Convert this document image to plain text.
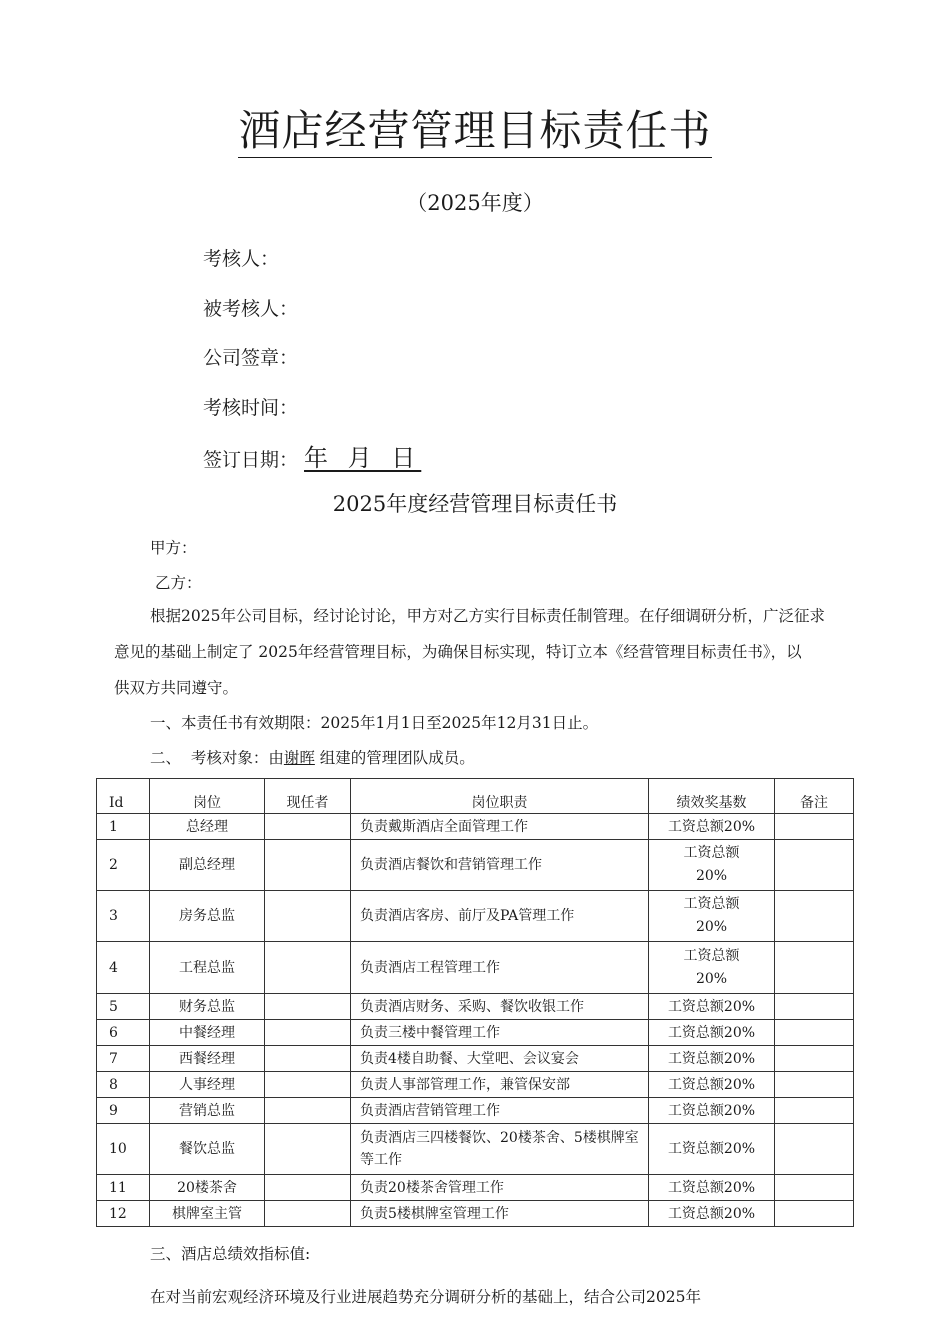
酒店经营管理目标责任书
（2025年度）
考核人：
被考核人：
公司签章：
考核时间：
签订日期： 年 月 日
2025年度经营管理目标责任书
甲方：
乙方：
根据2025年公司目标，经讨论讨论，甲方对乙方实行目标责任制管理。在仔细调研分析，广泛征求
意见的基础上制定了 2025年经营管理目标，为确保目标实现，特订立本《经营管理目标责任书》，以
供双方共同遵守。
一、本责任书有效期限：2025年1月1日至2025年12月31日止。
二、  考核对象：由谢晖 组建的管理团队成员。
Id	岗位	现任者	岗位职责	绩效奖基数	备注
1	总经理		负责戴斯酒店全面管理工作	工资总额20%	
2	副总经理		负责酒店餐饮和营销管理工作	工资总额 20%	
3	房务总监		负责酒店客房、前厅及PA管理工作	工资总额 20%	
4	工程总监		负责酒店工程管理工作	工资总额 20%	
5	财务总监		负责酒店财务、采购、餐饮收银工作	工资总额20%	
6	中餐经理		负责三楼中餐管理工作	工资总额20%	
7	西餐经理		负责4楼自助餐、大堂吧、会议宴会	工资总额20%	
8	人事经理		负责人事部管理工作，兼管保安部	工资总额20%	
9	营销总监		负责酒店营销管理工作	工资总额20%	
10	餐饮总监		负责酒店三四楼餐饮、20楼茶舍、5楼棋牌室等工作	工资总额20%	
11	20楼茶舍		负责20楼茶舍管理工作	工资总额20%	
12	棋牌室主管		负责5楼棋牌室管理工作	工资总额20%	
三、酒店总绩效指标值:
在对当前宏观经济环境及行业进展趋势充分调研分析的基础上，结合公司2025年
